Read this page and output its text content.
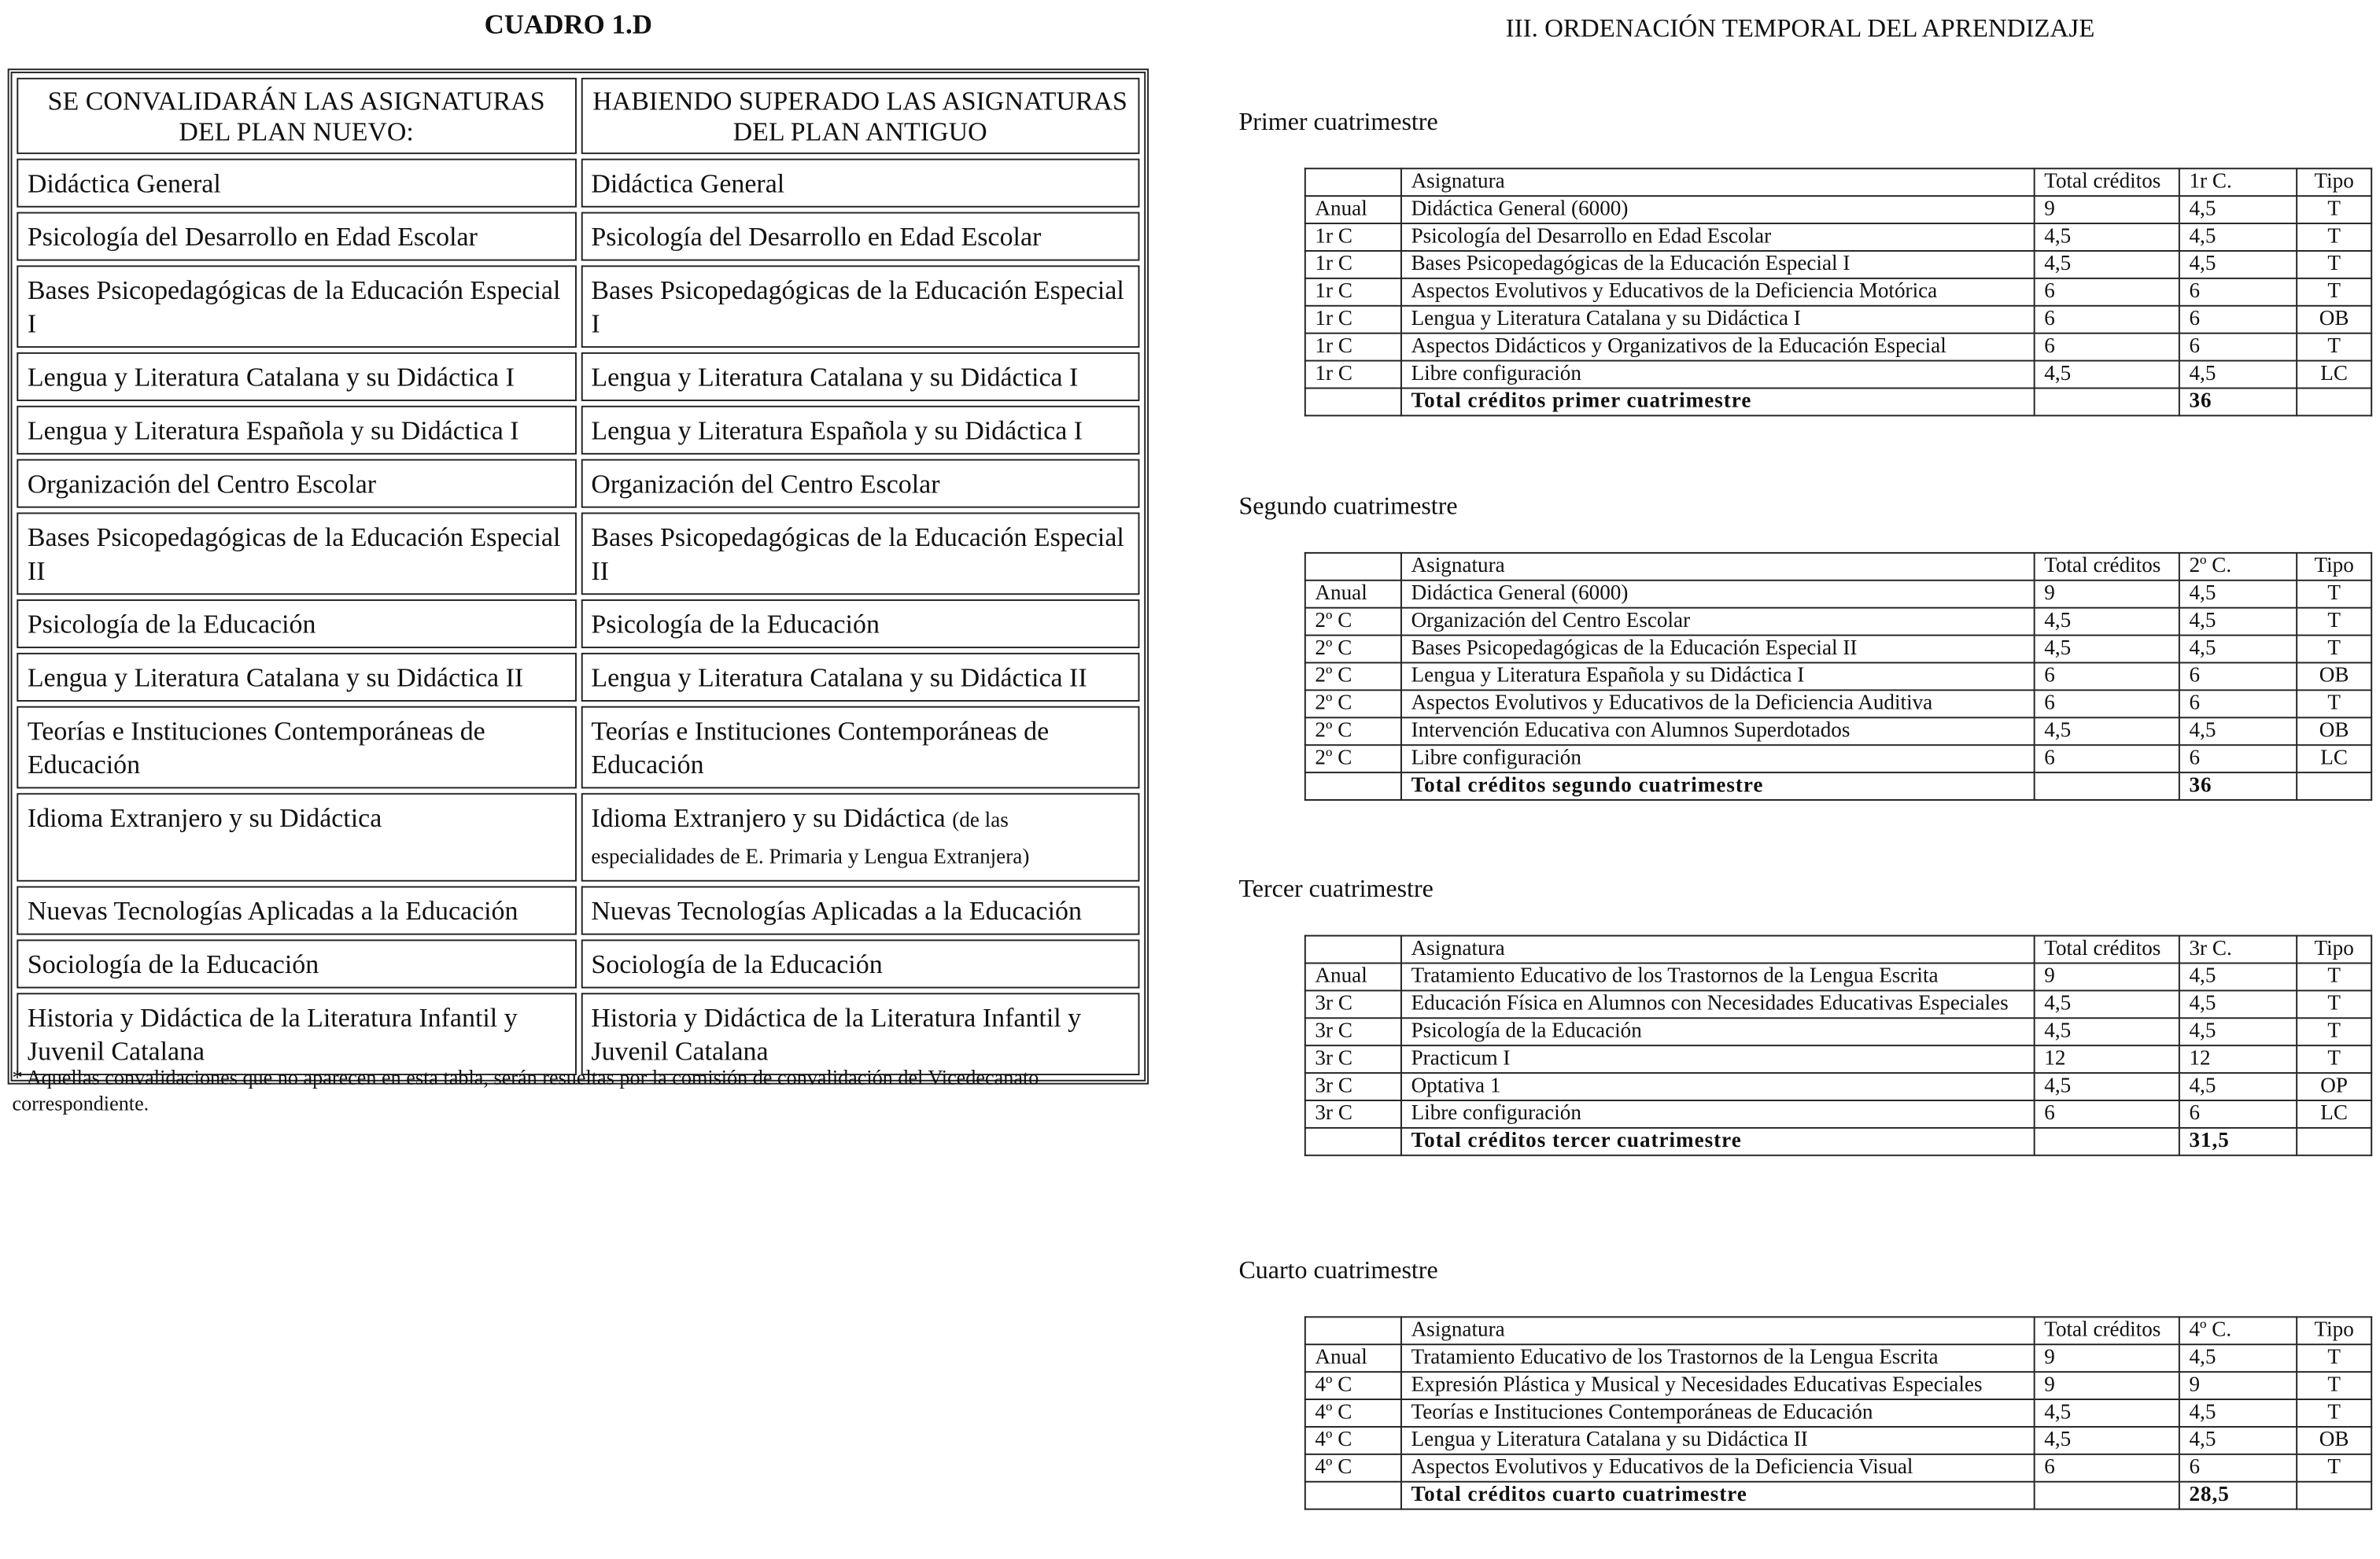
CUADRO 1.D
SE CONVALIDARÁN LAS ASIGNATURAS DEL PLAN NUEVO:	HABIENDO SUPERADO LAS ASIGNATURAS DEL PLAN ANTIGUO
Didáctica General	Didáctica General
Psicología del Desarrollo en Edad Escolar	Psicología del Desarrollo en Edad Escolar
Bases Psicopedagógicas de la Educación Especial I	Bases Psicopedagógicas de la Educación Especial I
Lengua y Literatura Catalana y su Didáctica I	Lengua y Literatura Catalana y su Didáctica I
Lengua y Literatura Española y su Didáctica I	Lengua y Literatura Española y su Didáctica I
Organización del Centro Escolar	Organización del Centro Escolar
Bases Psicopedagógicas de la Educación Especial II	Bases Psicopedagógicas de la Educación Especial II
Psicología de la Educación	Psicología de la Educación
Lengua y Literatura Catalana y su Didáctica II	Lengua y Literatura Catalana y su Didáctica II
Teorías e Instituciones Contemporáneas de Educación	Teorías e Instituciones Contemporáneas de Educación
Idioma Extranjero y su Didáctica	Idioma Extranjero y su Didáctica (de las especialidades de E. Primaria y Lengua Extranjera)
Nuevas Tecnologías Aplicadas a la Educación	Nuevas Tecnologías Aplicadas a la Educación
Sociología de la Educación	Sociología de la Educación
Historia y Didáctica de la Literatura Infantil y Juvenil Catalana	Historia y Didáctica de la Literatura Infantil y Juvenil Catalana
* Aquellas convalidaciones que no aparecen en esta tabla, serán resueltas por la comisión de convalidación del Vicedecanato correspondiente.
III. ORDENACIÓN TEMPORAL DEL APRENDIZAJE
Primer cuatrimestre
	Asignatura	Total créditos	1r C.	Tipo
Anual	Didáctica General (6000)	9	4,5	T
1r C	Psicología del Desarrollo en Edad Escolar	4,5	4,5	T
1r C	Bases Psicopedagógicas de la Educación Especial I	4,5	4,5	T
1r C	Aspectos Evolutivos y Educativos de la Deficiencia Motórica	6	6	T
1r C	Lengua y Literatura Catalana y su Didáctica I	6	6	OB
1r C	Aspectos Didácticos y Organizativos de la Educación Especial	6	6	T
1r C	Libre configuración	4,5	4,5	LC
	Total créditos primer cuatrimestre		36	
Segundo cuatrimestre
	Asignatura	Total créditos	2º C.	Tipo
Anual	Didáctica General (6000)	9	4,5	T
2º C	Organización del Centro Escolar	4,5	4,5	T
2º C	Bases Psicopedagógicas de la Educación Especial II	4,5	4,5	T
2º C	Lengua y Literatura Española y su Didáctica I	6	6	OB
2º C	Aspectos Evolutivos y Educativos de la Deficiencia Auditiva	6	6	T
2º C	Intervención Educativa con Alumnos Superdotados	4,5	4,5	OB
2º C	Libre configuración	6	6	LC
	Total créditos segundo cuatrimestre		36	
Tercer cuatrimestre
	Asignatura	Total créditos	3r C.	Tipo
Anual	Tratamiento Educativo de los Trastornos de la Lengua Escrita	9	4,5	T
3r C	Educación Física en Alumnos con Necesidades Educativas Especiales	4,5	4,5	T
3r C	Psicología de la Educación	4,5	4,5	T
3r C	Practicum I	12	12	T
3r C	Optativa 1	4,5	4,5	OP
3r C	Libre configuración	6	6	LC
	Total créditos tercer cuatrimestre		31,5	
Cuarto cuatrimestre
	Asignatura	Total créditos	4º C.	Tipo
Anual	Tratamiento Educativo de los Trastornos de la Lengua Escrita	9	4,5	T
4º C	Expresión Plástica y Musical y Necesidades Educativas Especiales	9	9	T
4º C	Teorías e Instituciones Contemporáneas de Educación	4,5	4,5	T
4º C	Lengua y Literatura Catalana y su Didáctica II	4,5	4,5	OB
4º C	Aspectos Evolutivos y Educativos de la Deficiencia Visual	6	6	T
	Total créditos cuarto cuatrimestre		28,5	
